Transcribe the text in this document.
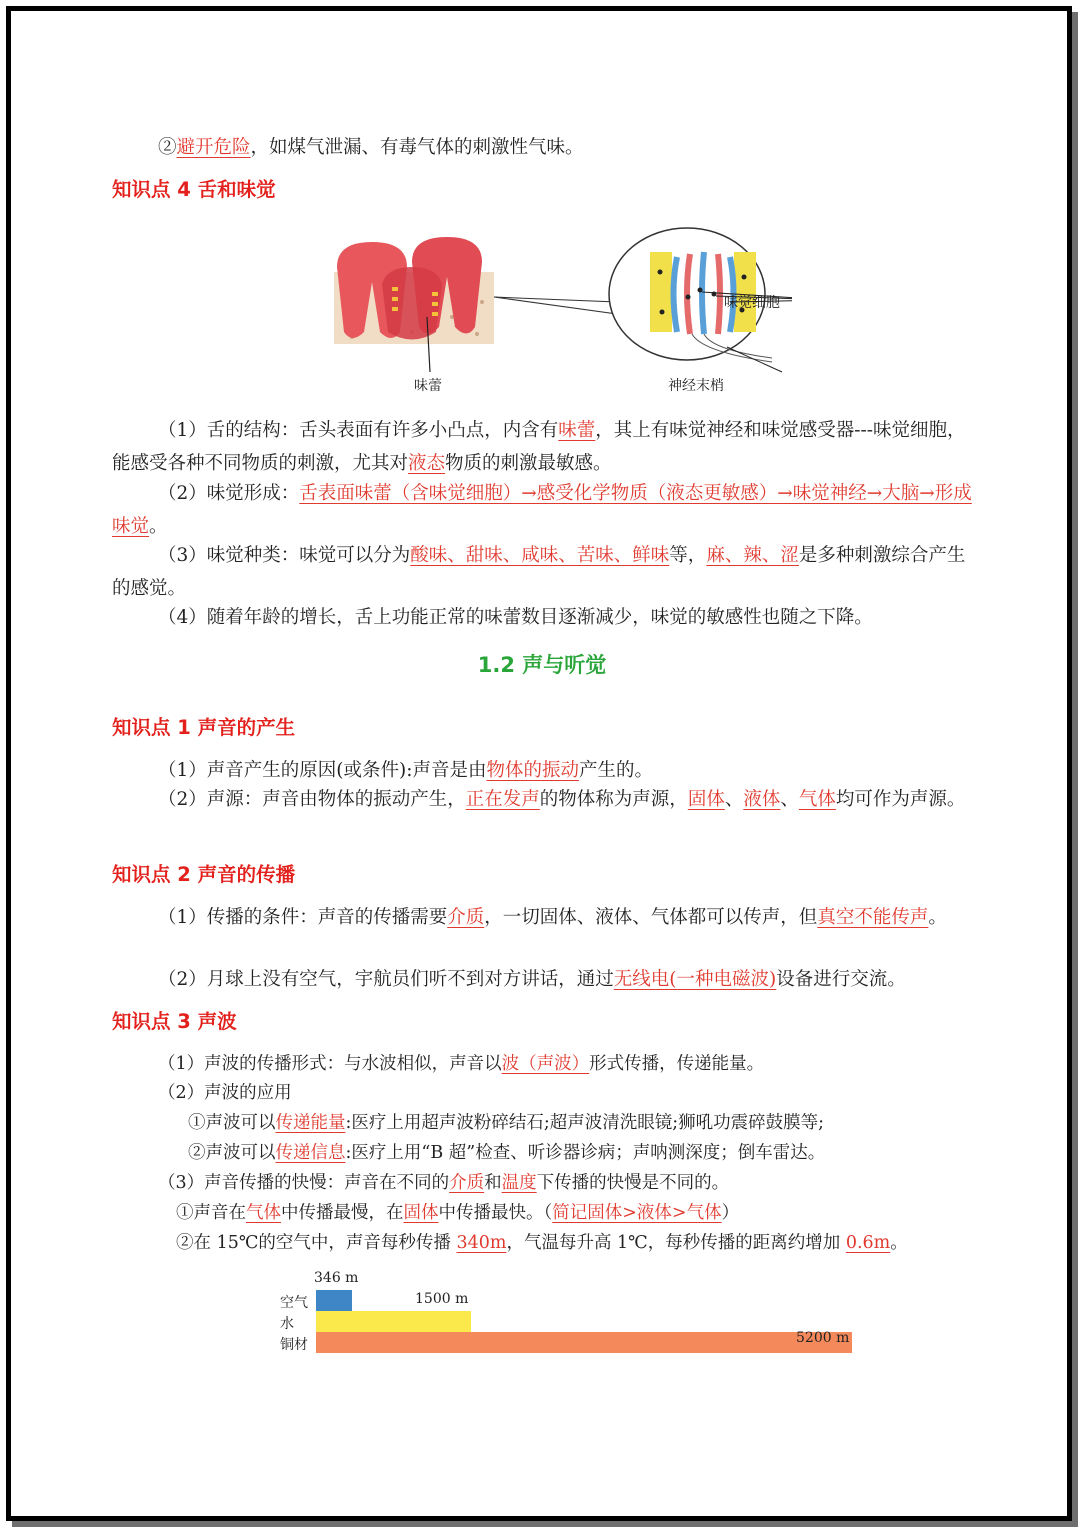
②避开危险，如煤气泄漏、有毒气体的刺激性气味。

知识点 4 舌和味觉
味觉细胞
味蕾	神经末梢

（1）舌的结构：舌头表面有许多小凸点，内含有味蕾，其上有味觉神经和味觉感受器---味觉细胞，能感受各种不同物质的刺激，尤其对液态物质的刺激最敏感。

（2）味觉形成：舌表面味蕾（含味觉细胞）→感受化学物质（液态更敏感）→味觉神经→大脑→形成味觉。

（3）味觉种类：味觉可以分为酸味、甜味、咸味、苦味、鲜味等，麻、辣、涩是多种刺激综合产生的感觉。

（4）随着年龄的增长，舌上功能正常的味蕾数目逐渐减少，味觉的敏感性也随之下降。

1.2 声与听觉
知识点 1 声音的产生

（1）声音产生的原因(或条件):声音是由物体的振动产生的。

（2）声源：声音由物体的振动产生，正在发声的物体称为声源，固体、液体、气体均可作为声源。

知识点 2 声音的传播

（1）传播的条件：声音的传播需要介质，一切固体、液体、气体都可以传声，但真空不能传声。

（2）月球上没有空气，宇航员们听不到对方讲话，通过无线电(一种电磁波)设备进行交流。

知识点 3 声波

（1）声波的传播形式：与水波相似，声音以波（声波）形式传播，传递能量。

（2）声波的应用

①声波可以传递能量:医疗上用超声波粉碎结石;超声波清洗眼镜;狮吼功震碎鼓膜等;

②声波可以传递信息:医疗上用“B 超”检查、听诊器诊病；声呐测深度；倒车雷达。

（3）声音传播的快慢：声音在不同的介质和温度下传播的快慢是不同的。

①声音在气体中传播最慢，在固体中传播最快。（简记固体>液体>气体）

②在 15℃的空气中，声音每秒传播 340m，气温每升高 1℃，每秒传播的距离约增加 0.6m。

空气
346 m
水
1500 m
铜材	5200 m
